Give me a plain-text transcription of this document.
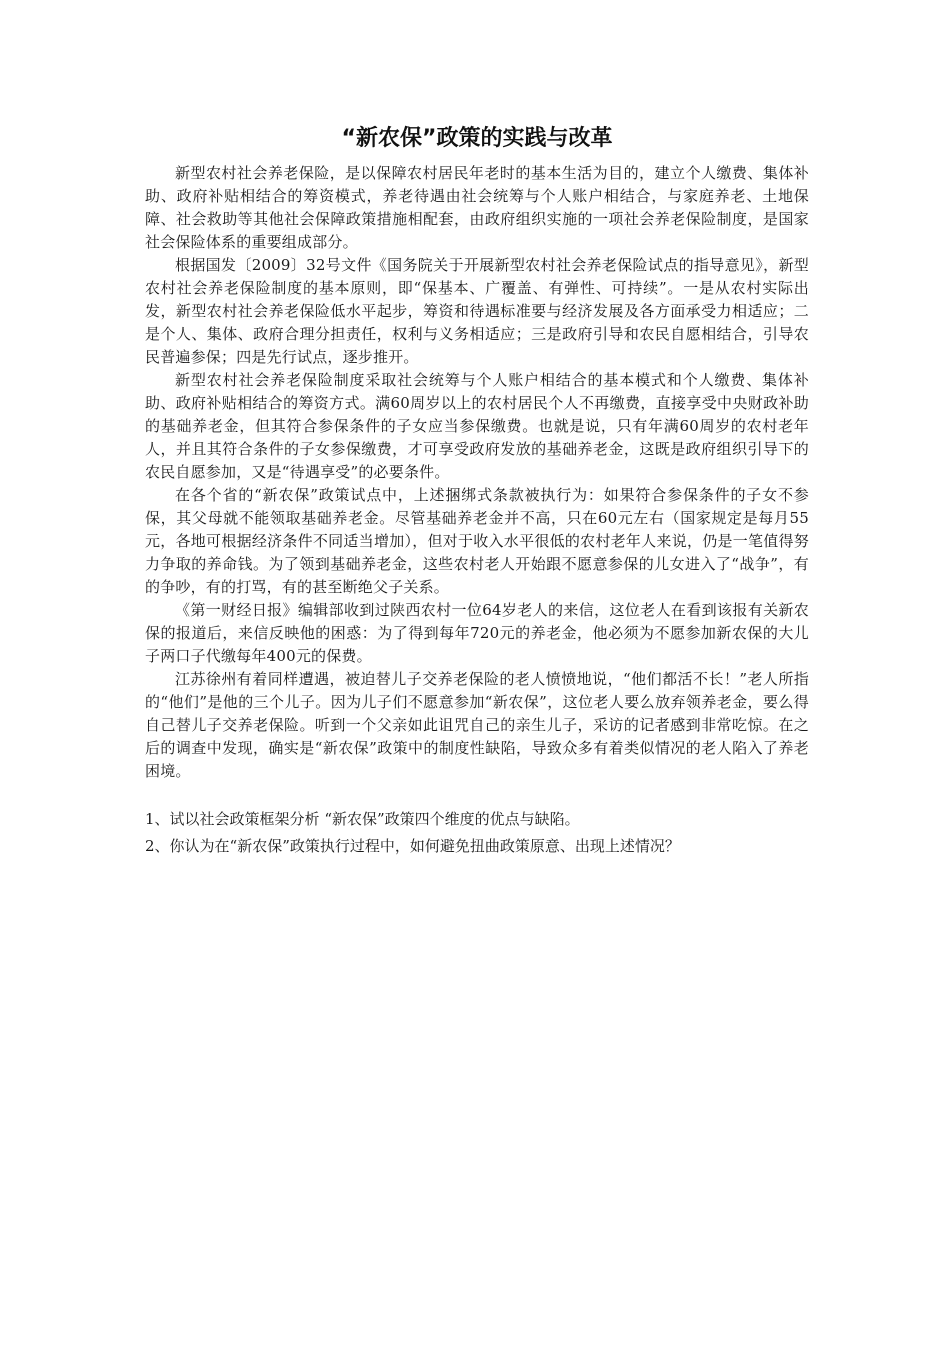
“新农保”政策的实践与改革

新型农村社会养老保险，是以保障农村居民年老时的基本生活为目的，建立个人缴费、集体补助、政府补贴相结合的筹资模式，养老待遇由社会统筹与个人账户相结合，与家庭养老、土地保障、社会救助等其他社会保障政策措施相配套，由政府组织实施的一项社会养老保险制度，是国家社会保险体系的重要组成部分。

根据国发〔2009〕32号文件《国务院关于开展新型农村社会养老保险试点的指导意见》，新型农村社会养老保险制度的基本原则，即“保基本、广覆盖、有弹性、可持续”。一是从农村实际出发，新型农村社会养老保险低水平起步，筹资和待遇标准要与经济发展及各方面承受力相适应；二是个人、集体、政府合理分担责任，权利与义务相适应；三是政府引导和农民自愿相结合，引导农民普遍参保；四是先行试点，逐步推开。

新型农村社会养老保险制度采取社会统筹与个人账户相结合的基本模式和个人缴费、集体补助、政府补贴相结合的筹资方式。满60周岁以上的农村居民个人不再缴费，直接享受中央财政补助的基础养老金，但其符合参保条件的子女应当参保缴费。也就是说，只有年满60周岁的农村老年人，并且其符合条件的子女参保缴费，才可享受政府发放的基础养老金，这既是政府组织引导下的农民自愿参加，又是“待遇享受”的必要条件。

在各个省的“新农保”政策试点中，上述捆绑式条款被执行为：如果符合参保条件的子女不参保，其父母就不能领取基础养老金。尽管基础养老金并不高，只在60元左右（国家规定是每月55元，各地可根据经济条件不同适当增加），但对于收入水平很低的农村老年人来说，仍是一笔值得努力争取的养命钱。为了领到基础养老金，这些农村老人开始跟不愿意参保的儿女进入了“战争”，有的争吵，有的打骂，有的甚至断绝父子关系。

《第一财经日报》编辑部收到过陕西农村一位64岁老人的来信，这位老人在看到该报有关新农保的报道后，来信反映他的困惑：为了得到每年720元的养老金，他必须为不愿参加新农保的大儿子两口子代缴每年400元的保费。

江苏徐州有着同样遭遇，被迫替儿子交养老保险的老人愤愤地说，“他们都活不长！”老人所指的“他们”是他的三个儿子。因为儿子们不愿意参加“新农保”，这位老人要么放弃领养老金，要么得自己替儿子交养老保险。听到一个父亲如此诅咒自己的亲生儿子，采访的记者感到非常吃惊。在之后的调查中发现，确实是“新农保”政策中的制度性缺陷，导致众多有着类似情况的老人陷入了养老困境。

1、试以社会政策框架分析 “新农保”政策四个维度的优点与缺陷。

2、你认为在“新农保”政策执行过程中，如何避免扭曲政策原意、出现上述情况？
